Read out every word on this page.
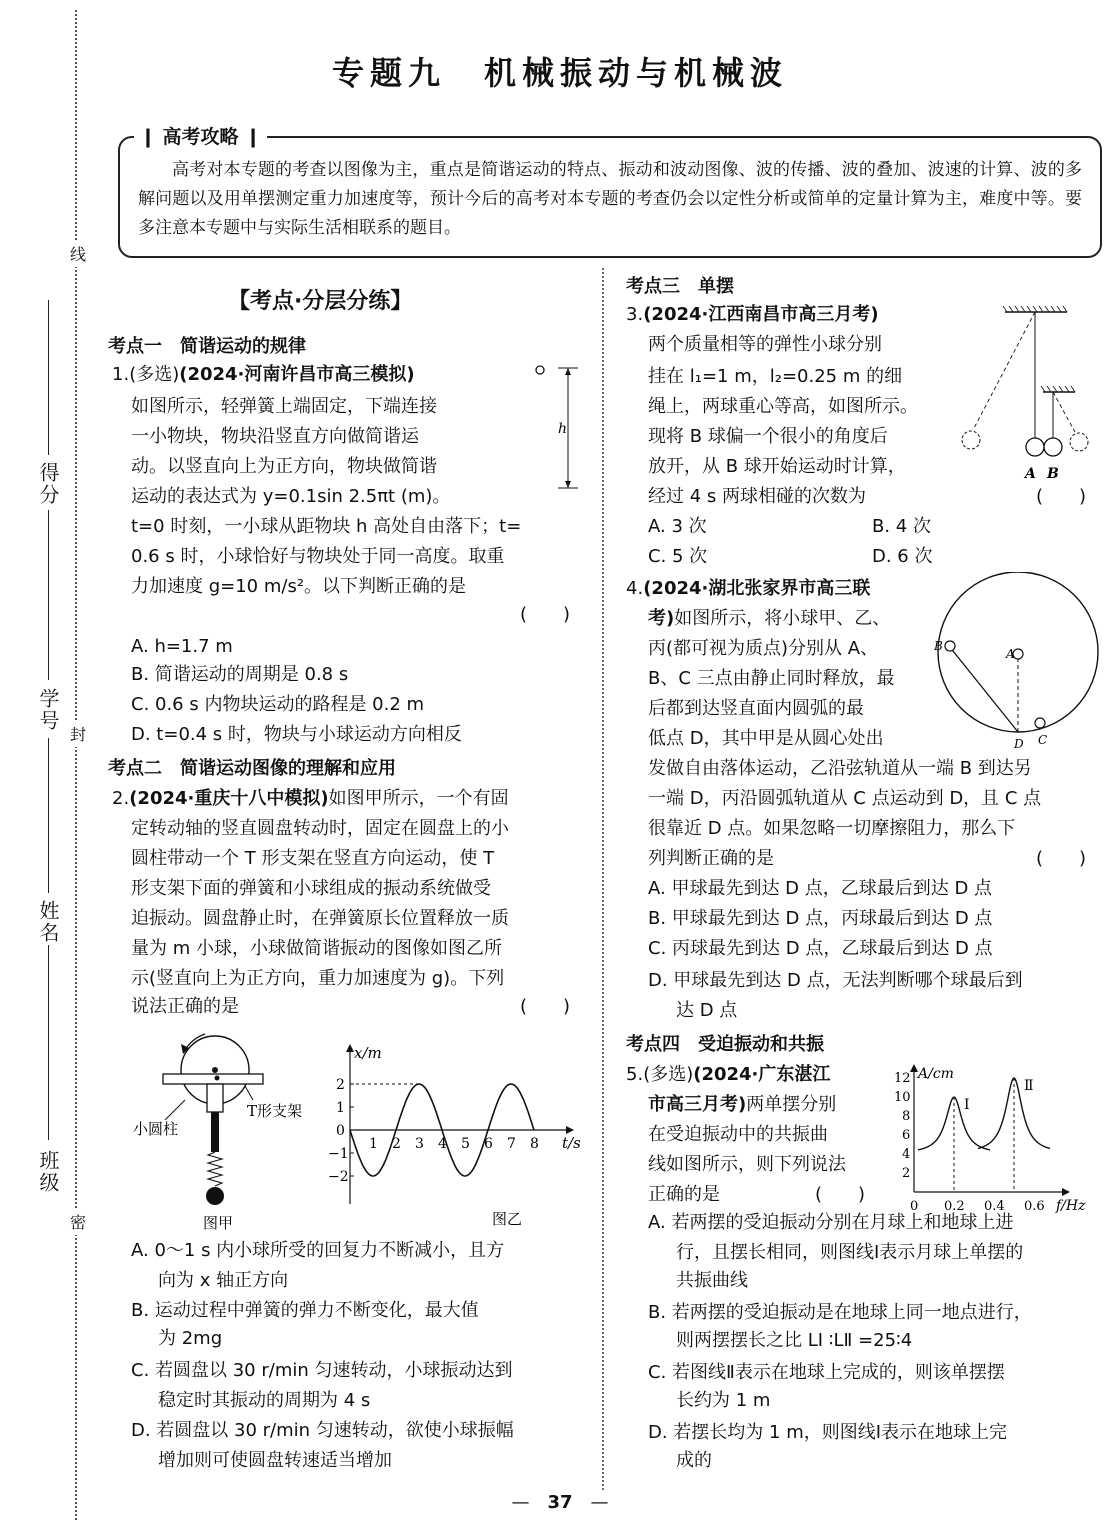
线
封
密
班级
姓名
学号
得分
专题九　机械振动与机械波
❙ 高考攻略 ❙
高考对本专题的考查以图像为主，重点是简谐运动的特点、振动和波动图像、波的传播、波的叠加、波速的计算、波的多解问题以及用单摆测定重力加速度等，预计今后的高考对本专题的考查仍会以定性分析或简单的定量计算为主，难度中等。要多注意本专题中与实际生活相联系的题目。
【考点·分层分练】
考点一　简谐运动的规律
1.(多选)(2024·河南许昌市高三模拟)
如图所示，轻弹簧上端固定，下端连接
一小物块，物块沿竖直方向做简谐运
动。以竖直向上为正方向，物块做简谐
运动的表达式为 y=0.1sin 2.5πt (m)。
t=0 时刻，一小球从距物块 h 高处自由落下；t=
0.6 s 时，小球恰好与物块处于同一高度。取重
力加速度 g=10 m/s²。以下判断正确的是
(　　)
h
A. h=1.7 m
B. 简谐运动的周期是 0.8 s
C. 0.6 s 内物块运动的路程是 0.2 m
D. t=0.4 s 时，物块与小球运动方向相反
考点二　简谐运动图像的理解和应用
2.(2024·重庆十八中模拟)如图甲所示，一个有固
定转动轴的竖直圆盘转动时，固定在圆盘上的小
圆柱带动一个 T 形支架在竖直方向运动，使 T
形支架下面的弹簧和小球组成的振动系统做受
迫振动。圆盘静止时，在弹簧原长位置释放一质
量为 m 小球，小球做简谐振动的图像如图乙所
示(竖直向上为正方向，重力加速度为 g)。下列
说法正确的是	(　　)
小圆柱
T形支架
图甲
x/m
t/s
图乙
1 2 3 4 5 6 7 8
2
1
0
−1
−2
A. 0～1 s 内小球所受的回复力不断减小，且方
向为 x 轴正方向
B. 运动过程中弹簧的弹力不断变化，最大值
为 2mg
C. 若圆盘以 30 r/min 匀速转动，小球振动达到
稳定时其振动的周期为 4 s
D. 若圆盘以 30 r/min 匀速转动，欲使小球振幅
增加则可使圆盘转速适当增加
考点三　单摆
3.(2024·江西南昌市高三月考)
两个质量相等的弹性小球分别
挂在 l₁=1 m，l₂=0.25 m 的细
绳上，两球重心等高，如图所示。
现将 B 球偏一个很小的角度后
放开，从 B 球开始运动时计算，
经过 4 s 两球相碰的次数为	(　　)
A B
A. 3 次	B. 4 次
C. 5 次	D. 6 次
4.(2024·湖北张家界市高三联
考)如图所示，将小球甲、乙、
丙(都可视为质点)分别从 A、
B、C 三点由静止同时释放，最
后都到达竖直面内圆弧的最
低点 D，其中甲是从圆心处出
发做自由落体运动，乙沿弦轨道从一端 B 到达另
一端 D，丙沿圆弧轨道从 C 点运动到 D，且 C 点
很靠近 D 点。如果忽略一切摩擦阻力，那么下
列判断正确的是	(　　)
B
A
D C
A. 甲球最先到达 D 点，乙球最后到达 D 点
B. 甲球最先到达 D 点，丙球最后到达 D 点
C. 丙球最先到达 D 点，乙球最后到达 D 点
D. 甲球最先到达 D 点，无法判断哪个球最后到
达 D 点
考点四　受迫振动和共振
5.(多选)(2024·广东湛江
市高三月考)两单摆分别
在受迫振动中的共振曲
线如图所示，则下列说法
正确的是	(　　)
A/cm
f/Hz
0 0.2 0.4 0.6
12
10
8
6
4
2
Ⅰ
Ⅱ
A. 若两摆的受迫振动分别在月球上和地球上进
行，且摆长相同，则图线Ⅰ表示月球上单摆的
共振曲线
B. 若两摆的受迫振动是在地球上同一地点进行，
则两摆摆长之比 LⅠ ∶LⅡ =25∶4
C. 若图线Ⅱ表示在地球上完成的，则该单摆摆
长约为 1 m
D. 若摆长均为 1 m，则图线Ⅰ表示在地球上完
成的
— 37 —
